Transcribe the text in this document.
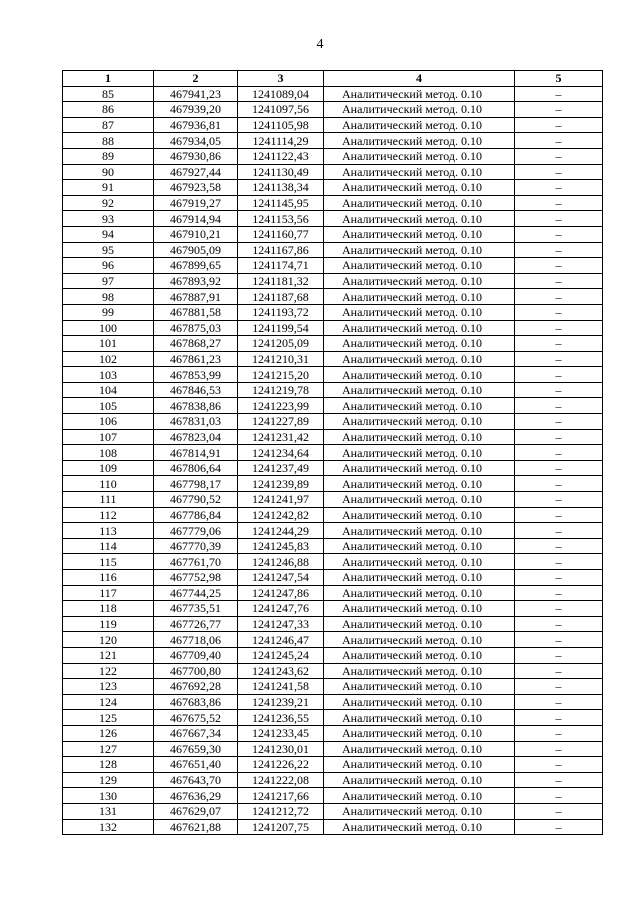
4
1	2	3	4	5
85	467941,23	1241089,04	Аналитический метод. 0.10	–
86	467939,20	1241097,56	Аналитический метод. 0.10	–
87	467936,81	1241105,98	Аналитический метод. 0.10	–
88	467934,05	1241114,29	Аналитический метод. 0.10	–
89	467930,86	1241122,43	Аналитический метод. 0.10	–
90	467927,44	1241130,49	Аналитический метод. 0.10	–
91	467923,58	1241138,34	Аналитический метод. 0.10	–
92	467919,27	1241145,95	Аналитический метод. 0.10	–
93	467914,94	1241153,56	Аналитический метод. 0.10	–
94	467910,21	1241160,77	Аналитический метод. 0.10	–
95	467905,09	1241167,86	Аналитический метод. 0.10	–
96	467899,65	1241174,71	Аналитический метод. 0.10	–
97	467893,92	1241181,32	Аналитический метод. 0.10	–
98	467887,91	1241187,68	Аналитический метод. 0.10	–
99	467881,58	1241193,72	Аналитический метод. 0.10	–
100	467875,03	1241199,54	Аналитический метод. 0.10	–
101	467868,27	1241205,09	Аналитический метод. 0.10	–
102	467861,23	1241210,31	Аналитический метод. 0.10	–
103	467853,99	1241215,20	Аналитический метод. 0.10	–
104	467846,53	1241219,78	Аналитический метод. 0.10	–
105	467838,86	1241223,99	Аналитический метод. 0.10	–
106	467831,03	1241227,89	Аналитический метод. 0.10	–
107	467823,04	1241231,42	Аналитический метод. 0.10	–
108	467814,91	1241234,64	Аналитический метод. 0.10	–
109	467806,64	1241237,49	Аналитический метод. 0.10	–
110	467798,17	1241239,89	Аналитический метод. 0.10	–
111	467790,52	1241241,97	Аналитический метод. 0.10	–
112	467786,84	1241242,82	Аналитический метод. 0.10	–
113	467779,06	1241244,29	Аналитический метод. 0.10	–
114	467770,39	1241245,83	Аналитический метод. 0.10	–
115	467761,70	1241246,88	Аналитический метод. 0.10	–
116	467752,98	1241247,54	Аналитический метод. 0.10	–
117	467744,25	1241247,86	Аналитический метод. 0.10	–
118	467735,51	1241247,76	Аналитический метод. 0.10	–
119	467726,77	1241247,33	Аналитический метод. 0.10	–
120	467718,06	1241246,47	Аналитический метод. 0.10	–
121	467709,40	1241245,24	Аналитический метод. 0.10	–
122	467700,80	1241243,62	Аналитический метод. 0.10	–
123	467692,28	1241241,58	Аналитический метод. 0.10	–
124	467683,86	1241239,21	Аналитический метод. 0.10	–
125	467675,52	1241236,55	Аналитический метод. 0.10	–
126	467667,34	1241233,45	Аналитический метод. 0.10	–
127	467659,30	1241230,01	Аналитический метод. 0.10	–
128	467651,40	1241226,22	Аналитический метод. 0.10	–
129	467643,70	1241222,08	Аналитический метод. 0.10	–
130	467636,29	1241217,66	Аналитический метод. 0.10	–
131	467629,07	1241212,72	Аналитический метод. 0.10	–
132	467621,88	1241207,75	Аналитический метод. 0.10	–
